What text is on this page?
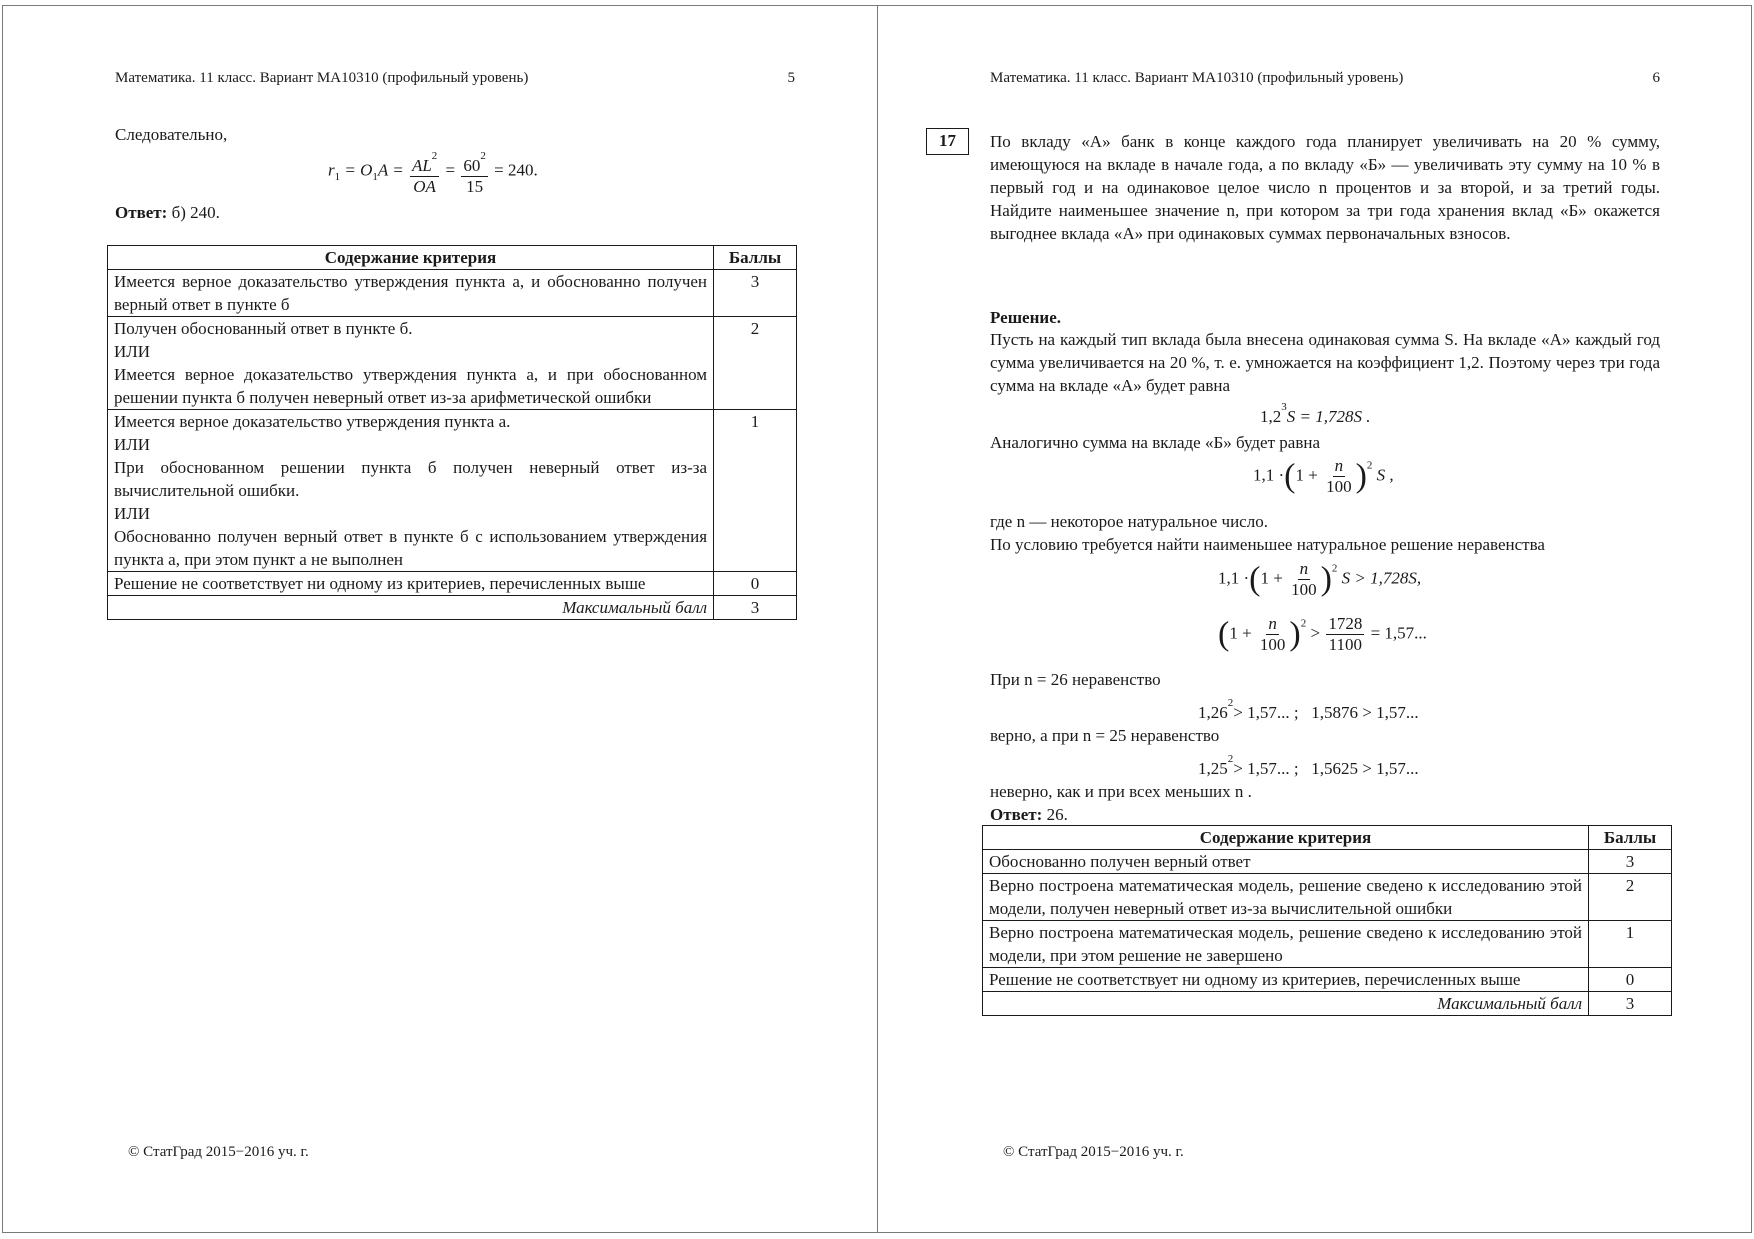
Математика. 11 класс. Вариант МА10310 (профильный уровень)	5
Следовательно,
$r_1 = O_1A = \frac{AL^2}{OA} = \frac{60^2}{15} = 240$.
Ответ: б) 240.
Содержание критерия	Баллы
Имеется верное доказательство утверждения пункта а, и обоснованно получен верный ответ в пункте б	3

Получен обоснованный ответ в пункте б.
ИЛИ
Имеется верное доказательство утверждения пункта а, и при обоснованном решении пункта б получен неверный ответ из-за арифметической ошибки	2

Имеется верное доказательство утверждения пункта а.
ИЛИ
При обоснованном решении пункта б получен неверный ответ из-за вычислительной ошибки.
ИЛИ
Обоснованно получен верный ответ в пункте б с использованием утверждения пункта а, при этом пункт а не выполнен	1
Решение не соответствует ни одному из критериев, перечисленных выше	0
Максимальный балл	3
© СтатГрад 2015−2016 уч. г.
Математика. 11 класс. Вариант МА10310 (профильный уровень)	6
17	По вкладу «А» банк в конце каждого года планирует увеличивать на 20 % сумму, имеющуюся на вкладе в начале года, а по вкладу «Б» — увеличивать эту сумму на 10 % в первый год и на одинаковое целое число n процентов и за второй, и за третий годы. Найдите наименьшее значение n, при котором за три года хранения вклад «Б» окажется выгоднее вклада «А» при одинаковых суммах первоначальных взносов.
Решение.
Пусть на каждый тип вклада была внесена одинаковая сумма S. На вкладе «А» каждый год сумма увеличивается на 20 %, т. е. умножается на коэффициент 1,2. Поэтому через три года сумма на вкладе «А» будет равна
$1,2^3S = 1,728S$ .
Аналогично сумма на вкладе «Б» будет равна
$1,1 \cdot(1 + \frac{n}{100} )^2$ S ,
где n — некоторое натуральное число.
По условию требуется найти наименьшее натуральное решение неравенства
$1,1 \cdot(1 + \frac{n}{100} )^2$ S > 1,728S,
$(1 + \frac{n}{100} )^2 > \frac{1728}{1100} = 1,57$...
При n = 26 неравенство
$1,26^2> 1,57$... ;   1,5876 > 1,57...
верно, а при n = 25 неравенство
$1,25^2> 1,57$... ;   1,5625 > 1,57...
неверно, как и при всех меньших n .
Ответ: 26.
Содержание критерия	Баллы
Обоснованно получен верный ответ	3
Верно построена математическая модель, решение сведено к исследованию этой модели, получен неверный ответ из-за вычислительной ошибки	2
Верно построена математическая модель, решение сведено к исследованию этой модели, при этом решение не завершено	1
Решение не соответствует ни одному из критериев, перечисленных выше	0
Максимальный балл	3
© СтатГрад 2015−2016 уч. г.
